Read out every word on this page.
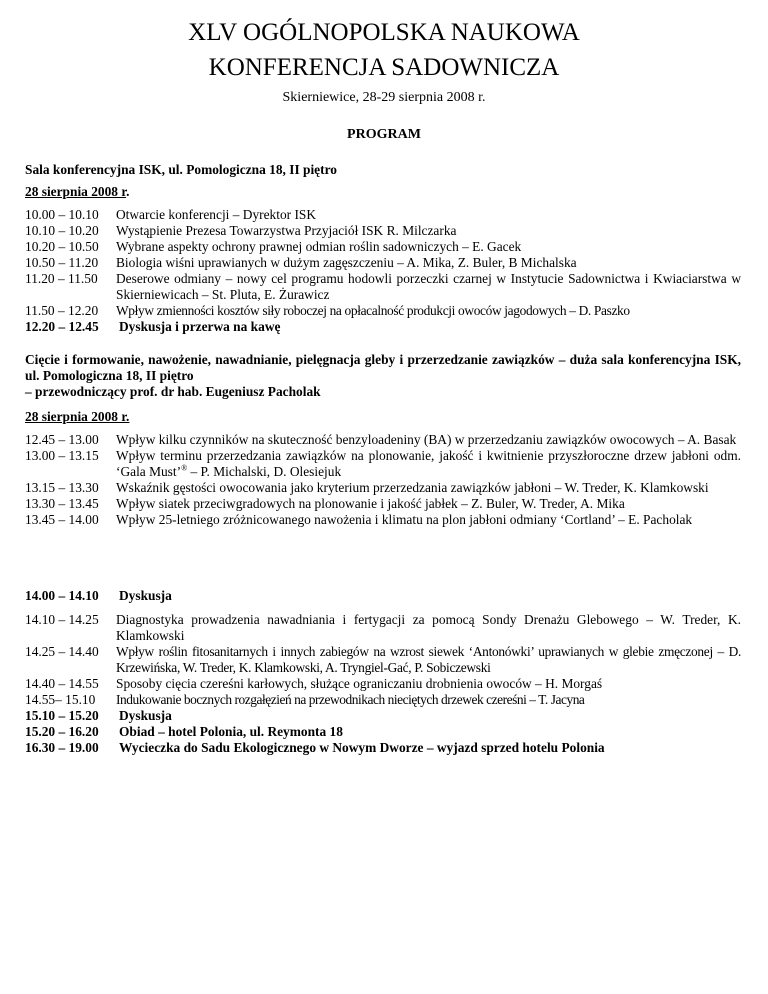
XLV OGÓLNOPOLSKA NAUKOWA
KONFERENCJA SADOWNICZA
Skierniewice, 28-29 sierpnia 2008 r.
PROGRAM
Sala konferencyjna ISK, ul. Pomologiczna 18, II piętro
28 sierpnia 2008 r.
10.00 – 10.10	Otwarcie konferencji – Dyrektor ISK
10.10 – 10.20	Wystąpienie Prezesa Towarzystwa Przyjaciół ISK R. Milczarka
10.20 – 10.50	Wybrane aspekty ochrony prawnej odmian roślin sadowniczych – E. Gacek
10.50 – 11.20	Biologia wiśni uprawianych w dużym zagęszczeniu – A. Mika, Z. Buler, B Michalska
11.20 – 11.50	Deserowe odmiany – nowy cel programu hodowli porzeczki czarnej w Instytucie Sadownictwa i Kwiaciarstwa w Skierniewicach – St. Pluta, E. Żurawicz
11.50 – 12.20	Wpływ zmienności kosztów siły roboczej na opłacalność produkcji owoców jagodowych – D. Paszko
12.20 – 12.45	Dyskusja i przerwa na kawę
Cięcie i formowanie, nawożenie, nawadnianie, pielęgnacja gleby i przerzedzanie zawiązków – duża sala konferencyjna ISK, ul. Pomologiczna 18, II piętro
– przewodniczący prof. dr hab. Eugeniusz Pacholak
28 sierpnia 2008 r.
12.45 – 13.00	Wpływ kilku czynników na skuteczność benzyloadeniny (BA) w przerzedzaniu zawiązków owocowych – A. Basak
13.00 – 13.15	Wpływ terminu przerzedzania zawiązków na plonowanie, jakość i kwitnienie przyszłoroczne drzew jabłoni odm. ‘Gala Must’® – P. Michalski, D. Olesiejuk
13.15 – 13.30	Wskaźnik gęstości owocowania jako kryterium przerzedzania zawiązków jabłoni – W. Treder, K. Klamkowski
13.30 – 13.45	Wpływ siatek przeciwgradowych na plonowanie i jakość jabłek – Z. Buler, W. Treder, A. Mika
13.45 – 14.00	Wpływ 25-letniego zróżnicowanego nawożenia i klimatu na plon jabłoni odmiany ‘Cortland’ – E. Pacholak
14.00 – 14.10	Dyskusja
14.10 – 14.25	Diagnostyka prowadzenia nawadniania i fertygacji za pomocą Sondy Drenażu Glebowego – W. Treder, K. Klamkowski
14.25 – 14.40	Wpływ roślin fitosanitarnych i innych zabiegów na wzrost siewek ‘Antonówki’ uprawianych w glebie zmęczonej – D. Krzewińska, W. Treder, K. Klamkowski, A. Tryngiel-Gać, P. Sobiczewski
14.40 – 14.55	Sposoby cięcia czereśni karłowych, służące ograniczaniu drobnienia owoców – H. Morgaś
14.55– 15.10	Indukowanie bocznych rozgałęzień na przewodnikach nieciętych drzewek czereśni – T. Jacyna
15.10 – 15.20	Dyskusja
15.20 – 16.20	Obiad – hotel Polonia, ul. Reymonta 18
16.30 – 19.00	Wycieczka do Sadu Ekologicznego w Nowym Dworze – wyjazd sprzed hotelu Polonia
